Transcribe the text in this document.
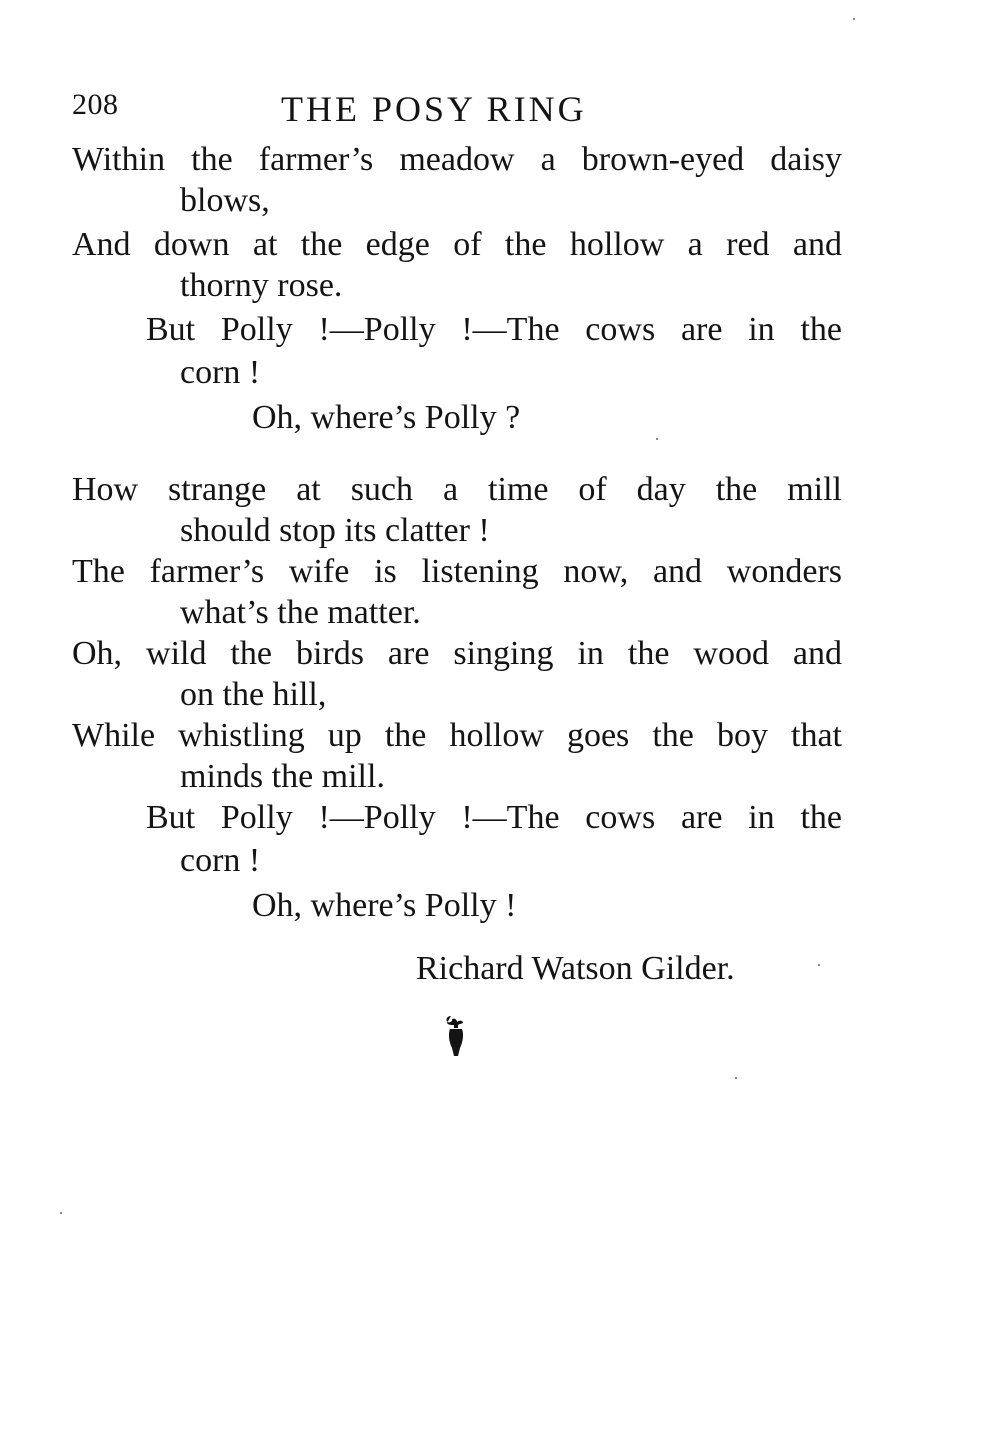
208	THE POSY RING
Within the farmer’s meadow a brown-eyed daisy
blows,
And down at the edge of the hollow a red and
thorny rose.
But Polly !—Polly !—The cows are in the
corn !
Oh, where’s Polly ?
How strange at such a time of day the mill
should stop its clatter !
The farmer’s wife is listening now, and wonders
what’s the matter.
Oh, wild the birds are singing in the wood and
on the hill,
While whistling up the hollow goes the boy that
minds the mill.
But Polly !—Polly !—The cows are in the
corn !
Oh, where’s Polly !
Richard Watson Gilder.
